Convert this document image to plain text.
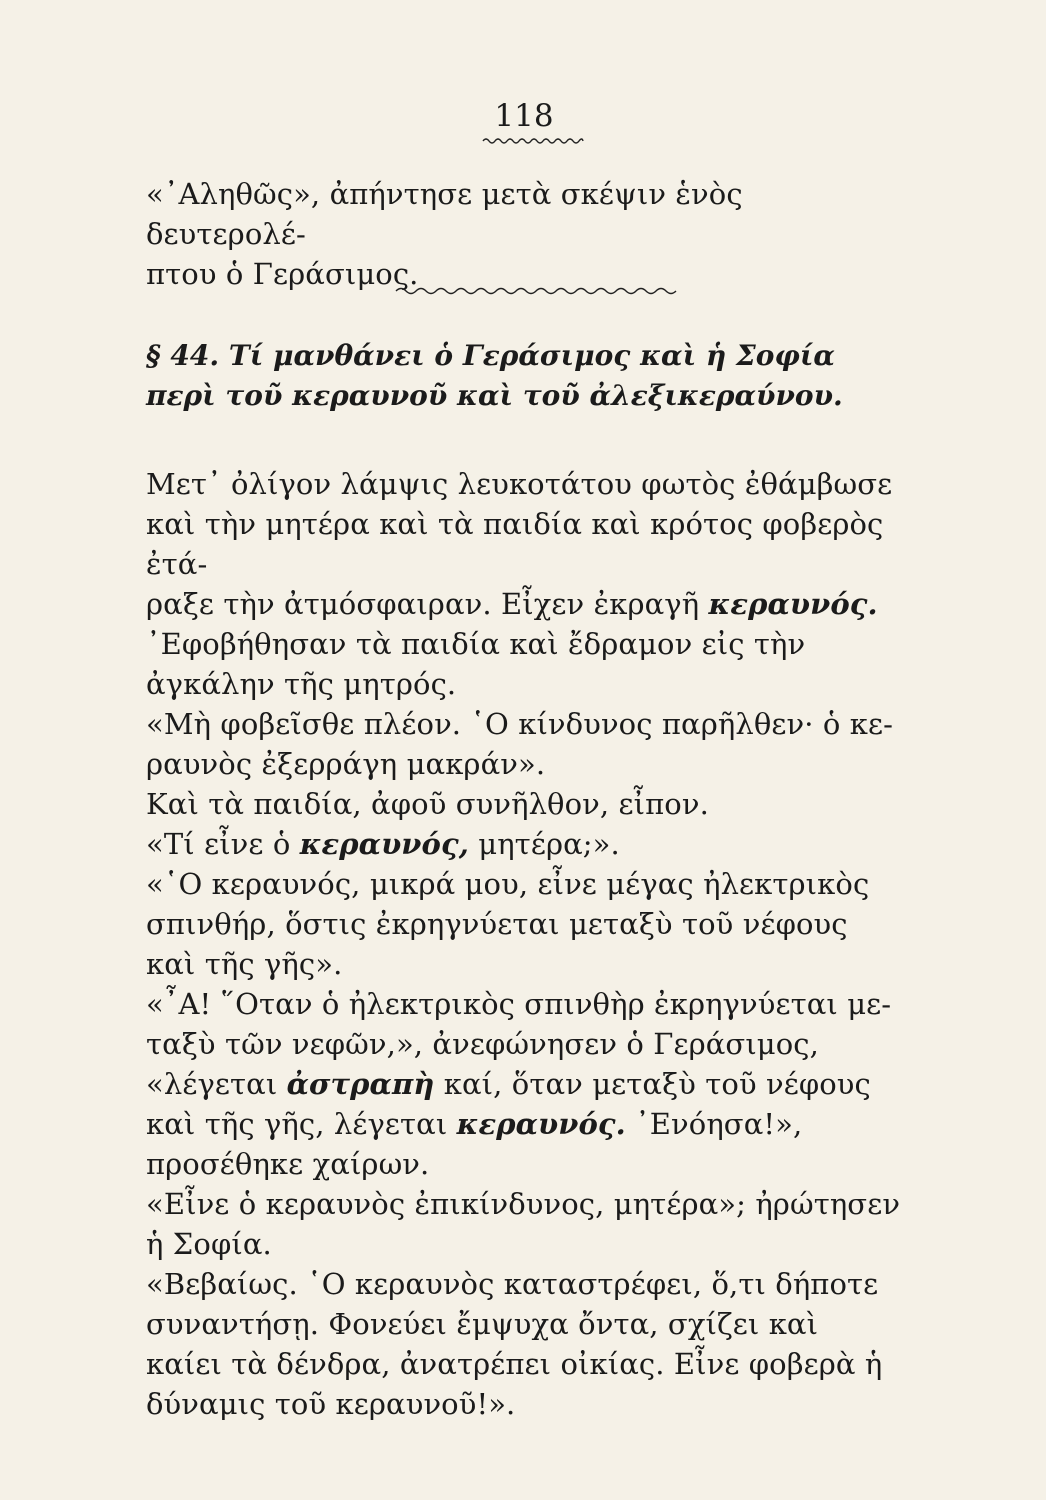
118
«᾿Αληθῶς», ἀπήντησε μετὰ σκέψιν ἑνὸς δευτερολέ-
πτου ὁ Γεράσιμος.
§ 44. Τί μανθάνει ὁ Γεράσιμος καὶ ἡ Σοφία
περὶ τοῦ κεραυνοῦ καὶ τοῦ ἀλεξικεραύνου.

Μετ᾿ ὀλίγον λάμψις λευκοτάτου φωτὸς ἐθάμβωσε
καὶ τὴν μητέρα καὶ τὰ παιδία καὶ κρότος φοβερὸς ἐτά-
ραξε τὴν ἀτμόσφαιραν. Εἶχεν ἐκραγῆ κεραυνός.

᾿Εφοβήθησαν τὰ παιδία καὶ ἔδραμον εἰς τὴν ἀγκάλην τῆς μητρός.

«Μὴ φοβεῖσθε πλέον. ῾Ο κίνδυνος παρῆλθεν· ὁ κε- ραυνὸς ἐξερράγη μακράν».

Καὶ τὰ παιδία, ἀφοῦ συνῆλθον, εἶπον.

«Τί εἶνε ὁ κεραυνός, μητέρα;».

«῾Ο κεραυνός, μικρά μου, εἶνε μέγας ἠλεκτρικὸς σπινθήρ, ὅστις ἐκρηγνύεται μεταξὺ τοῦ νέφους καὶ τῆς γῆς».

«῏Α! ῞Οταν ὁ ἠλεκτρικὸς σπινθὴρ ἐκρηγνύεται με- ταξὺ τῶν νεφῶν,», ἀνεφώνησεν ὁ Γεράσιμος, «λέγεται ἀστραπὴ καί, ὅταν μεταξὺ τοῦ νέφους καὶ τῆς γῆς, λέγεται κεραυνός. ᾿Ενόησα!», προσέθηκε χαίρων.

«Εἶνε ὁ κεραυνὸς ἐπικίνδυνος, μητέρα»; ἠρώτησεν ἡ Σοφία.

«Βεβαίως. ῾Ο κεραυνὸς καταστρέφει, ὅ,τι δήποτε συναντήσῃ. Φονεύει ἔμψυχα ὄντα, σχίζει καὶ καίει τὰ δένδρα, ἀνατρέπει οἰκίας. Εἶνε φοβερὰ ἡ δύναμις τοῦ κεραυνοῦ!».
